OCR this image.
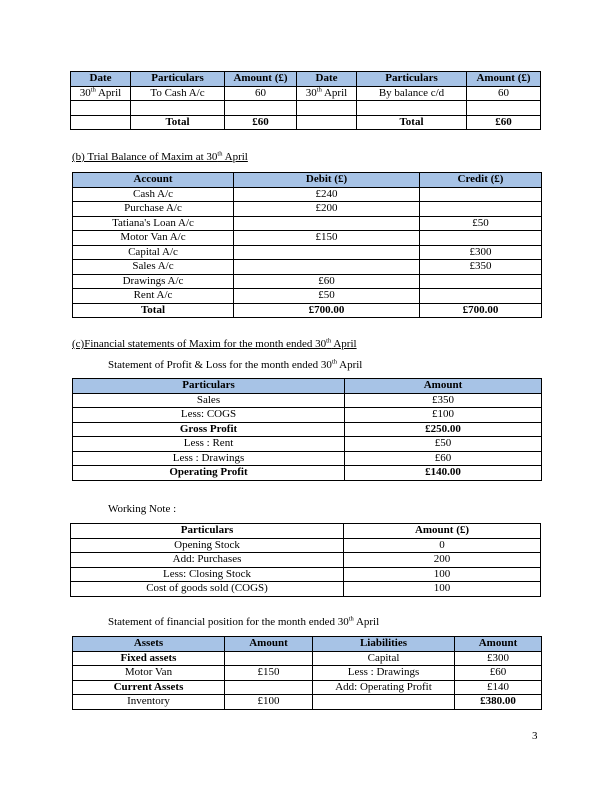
Date	Particulars	Amount (£)	Date	Particulars	Amount (£)
30th April	To Cash A/c	60	30th April	By balance c/d	60

	Total	£60		Total	£60
(b) Trial Balance of Maxim at 30th April
Account	Debit (£)	Credit (£)
Cash A/c	£240	
Purchase A/c	£200	
Tatiana's Loan A/c		£50
Motor Van A/c	£150	
Capital A/c		£300
Sales A/c		£350
Drawings A/c	£60	
Rent A/c	£50	
Total	£700.00	£700.00
(c)Financial statements of Maxim for the month ended 30th April
Statement of Profit & Loss for the month ended 30th April
Particulars	Amount
Sales	£350
Less: COGS	£100
Gross Profit	£250.00
Less : Rent	£50
Less : Drawings	£60
Operating Profit	£140.00
Working Note :
Particulars	Amount (£)
Opening Stock	0
Add: Purchases	200
Less: Closing Stock	100
Cost of goods sold (COGS)	100
Statement of financial position for the month ended 30th April
Assets	Amount	Liabilities	Amount
Fixed assets		Capital	£300
Motor Van	£150	Less : Drawings	£60
Current Assets		Add: Operating Profit	£140
Inventory	£100		£380.00
3
